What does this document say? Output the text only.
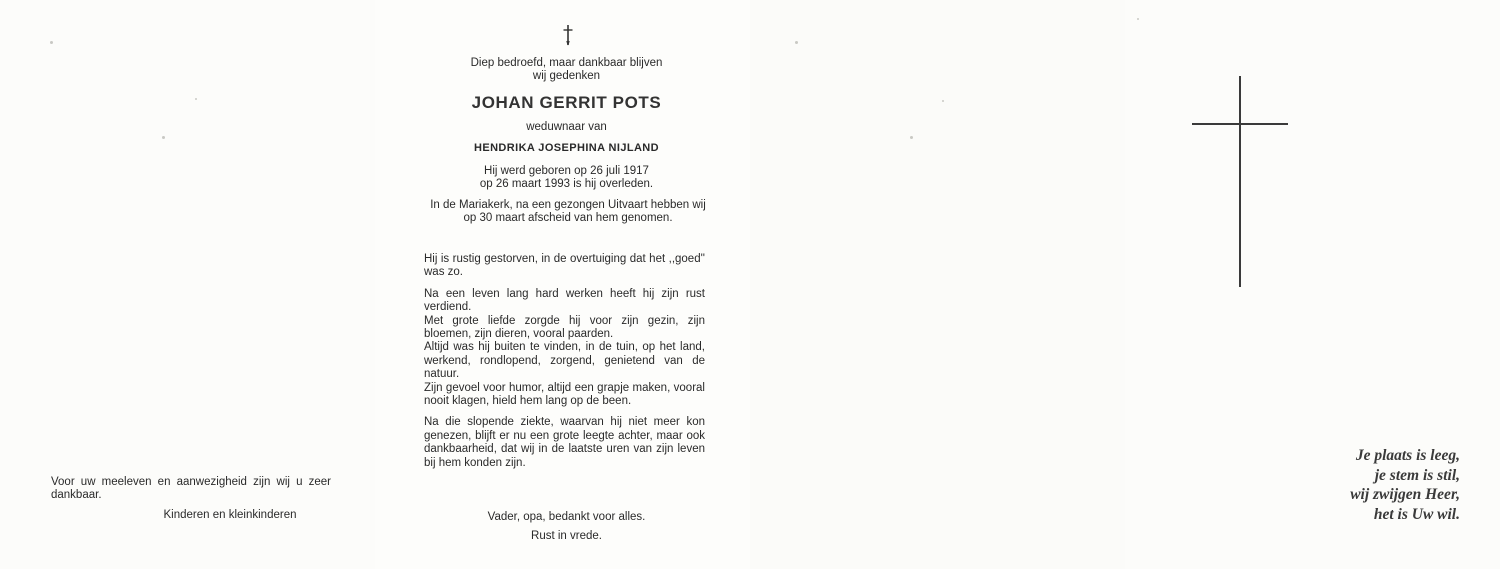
Voor uw meeleven en aanwezigheid zijn wij u zeer dankbaar.
Kinderen en kleinkinderen
Diep bedroefd, maar dankbaar blijven
wij gedenken
JOHAN GERRIT POTS
weduwnaar van
HENDRIKA JOSEPHINA NIJLAND
Hij werd geboren op 26 juli 1917
op 26 maart 1993 is hij overleden.
In de Mariakerk, na een gezongen Uitvaart hebben wij op 30 maart afscheid van hem genomen.

Hij is rustig gestorven, in de overtuiging dat het ,,goed'' was zo.

Na een leven lang hard werken heeft hij zijn rust verdiend.
Met grote liefde zorgde hij voor zijn gezin, zijn bloemen, zijn dieren, vooral paarden.
Altijd was hij buiten te vinden, in de tuin, op het land, werkend, rondlopend, zorgend, genietend van de natuur.
Zijn gevoel voor humor, altijd een grapje maken, vooral nooit klagen, hield hem lang op de been.

Na die slopende ziekte, waarvan hij niet meer kon genezen, blijft er nu een grote leegte achter, maar ook dankbaarheid, dat wij in de laatste uren van zijn leven bij hem konden zijn.

Vader, opa, bedankt voor alles.
Rust in vrede.
Je plaats is leeg,
je stem is stil,
wij zwijgen Heer,
het is Uw wil.
